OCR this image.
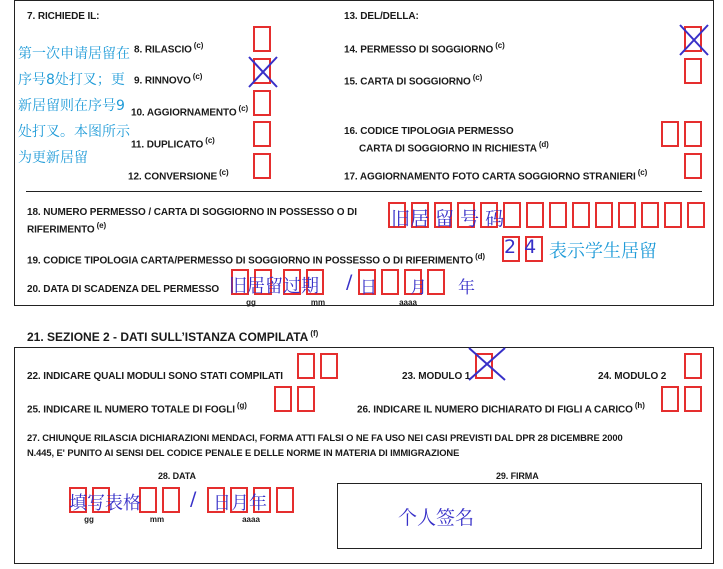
7. RICHIEDE IL:	13. DEL/DELLA:
第一次申请居留在
序号8处打叉；更
新居留则在序号9
处打叉。本图所示
为更新居留
8. RILASCIO $^{(c)}$
9. RINNOVO $^{(c)}$
10. AGGIORNAMENTO $^{(c)}$
11. DUPLICATO $^{(c)}$
12. CONVERSIONE $^{(c)}$
14. PERMESSO DI SOGGIORNO $^{(c)}$
15. CARTA DI SOGGIORNO $^{(c)}$
16. CODICE TIPOLOGIA PERMESSO
CARTA DI SOGGIORNO IN RICHIESTA $^{(d)}$
17. AGGIORNAMENTO FOTO CARTA SOGGIORNO STRANIERI $^{(c)}$
18. NUMERO PERMESSO / CARTA DI SOGGIORNO IN POSSESSO O DI
RIFERIMENTO $^{(e)}$	旧居 留 号 码
19. CODICE TIPOLOGIA CARTA/PERMESSO DI SOGGIORNO IN POSSESSO O DI RIFERIMENTO $^{(d)}$ 2 4 表示学生居留
20. DATA DI SCADENZA DEL PERMESSO 旧居留过期 / 日 月 年
gg	mm	aaaa
21. SEZIONE 2 - DATI SULL’ISTANZA COMPILATA $^{(f)}$
22. INDICARE QUALI MODULI SONO STATI COMPILATI	23. MODULO 1	24. MODULO 2
25. INDICARE IL NUMERO TOTALE DI FOGLI $^{(g)}$	26. INDICARE IL NUMERO DICHIARATO DI FIGLI A CARICO $^{(h)}$
27. CHIUNQUE RILASCIA DICHIARAZIONI MENDACI, FORMA ATTI FALSI O NE FA USO NEI CASI PREVISTI DAL DPR 28 DICEMBRE 2000
N.445, E' PUNITO AI SENSI DEL CODICE PENALE E DELLE NORME IN MATERIA DI IMMIGRAZIONE
28. DATA
填写表格	/ 日月年
gg	mm	aaaa
29. FIRMA
个人签名
